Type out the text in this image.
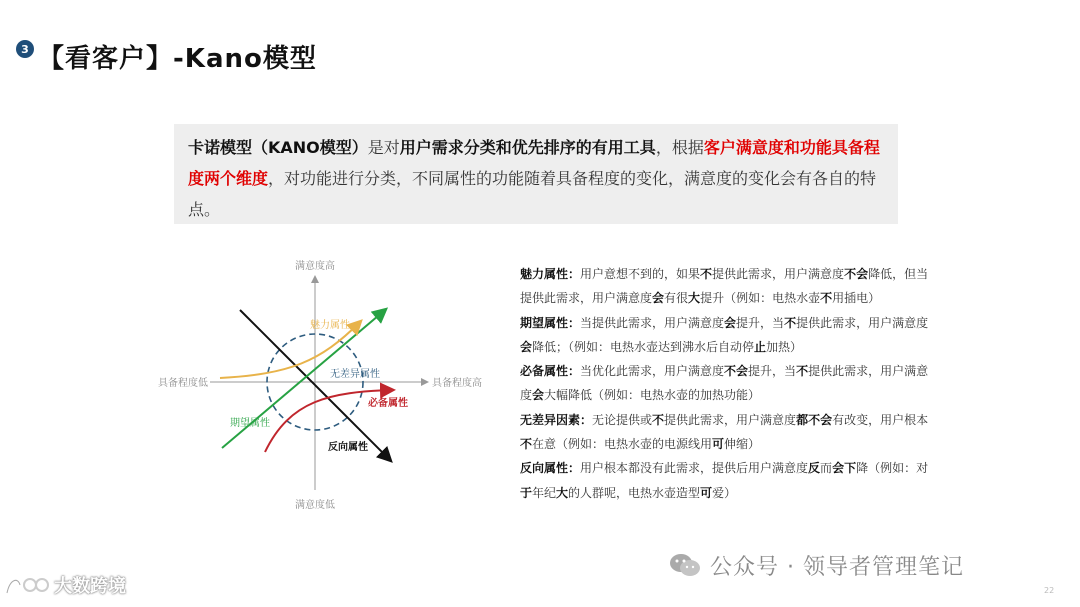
3 【看客户】-Kano模型
卡诺模型（KANO模型）是对用户需求分类和优先排序的有用工具，根据客户满意度和功能具备程度两个维度，对功能进行分类，不同属性的功能随着具备程度的变化，满意度的变化会有各自的特点。
满意度高
满意度低
具备程度低	具备程度高
魅力属性
期望属性
必备属性
无差异属性
反向属性

魅力属性：用户意想不到的，如果不提供此需求，用户满意度不会降低，但当提供此需求，用户满意度会有很大提升（例如：电热水壶不用插电）

期望属性：当提供此需求，用户满意度会提升，当不提供此需求，用户满意度会降低；（例如：电热水壶达到沸水后自动停止加热）

必备属性：当优化此需求，用户满意度不会提升，当不提供此需求，用户满意度会大幅降低（例如：电热水壶的加热功能）

无差异因素：无论提供或不提供此需求，用户满意度都不会有改变，用户根本不在意（例如：电热水壶的电源线用可伸缩）

反向属性：用户根本都没有此需求，提供后用户满意度反而会下降（例如：对于年纪大的人群呢，电热水壶造型可爱）

公众号 · 领导者管理笔记
大数跨境	22
